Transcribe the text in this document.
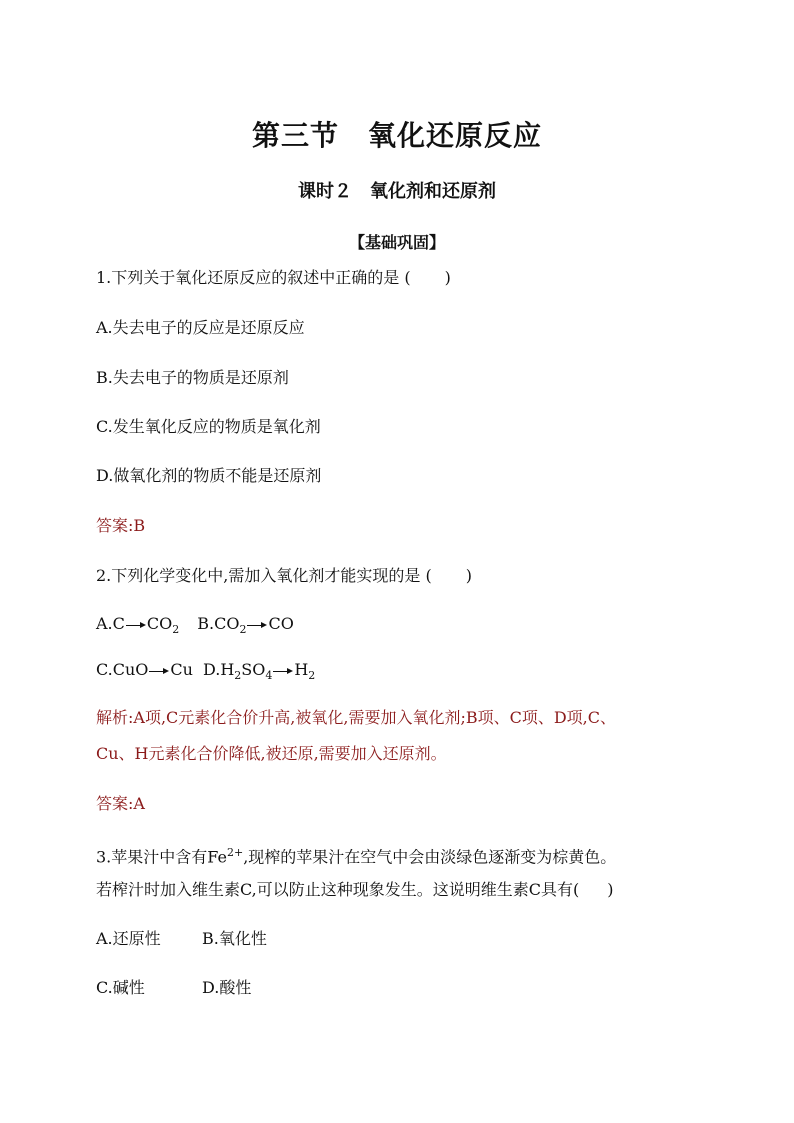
第三节　氧化还原反应
课时２　氧化剂和还原剂
【基础巩固】
1.下列关于氧化还原反应的叙述中正确的是 ( )
A.失去电子的反应是还原反应
B.失去电子的物质是还原剂
C.发生氧化反应的物质是氧化剂
D.做氧化剂的物质不能是还原剂
答案:B
2.下列化学变化中,需加入氧化剂才能实现的是 ( )
A.C $CO_2$ $B.CO_2$ CO
C.CuO Cu $D.H_2SO_4$ $H_2$
解析:A项,C元素化合价升高,被氧化,需要加入氧化剂;B项、C项、D项,C、
Cu、H元素化合价降低,被还原,需要加入还原剂。
答案:A
3.苹果汁中含有$Fe^{2+}$,现榨的苹果汁在空气中会由淡绿色逐渐变为棕黄色。
若榨汁时加入维生素C,可以防止这种现象发生。这说明维生素C具有( )
A.还原性	B.氧化性
C.碱性	D.酸性
